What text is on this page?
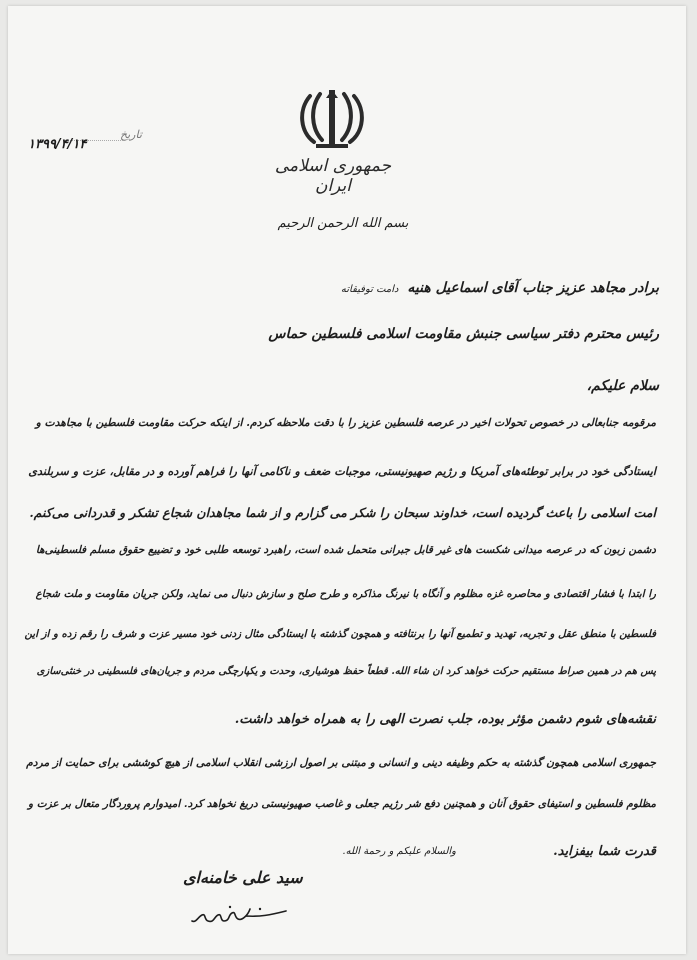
جمهوری اسلامی ایران
تاریخ
۱۳۹۹/۴/۱۴
بسم الله الرحمن الرحیم
برادر مجاهد عزیز جناب آقای اسماعیل هنیه دامت توفیقاته
رئیس محترم دفتر سیاسی جنبش مقاومت اسلامی فلسطین حماس
سلام علیکم،
مرقومه جنابعالی در خصوص تحولات اخیر در عرصه فلسطین عزیز را با دقت ملاحظه کردم. از اینکه حرکت مقاومت فلسطین با مجاهدت و
ایستادگی خود در برابر توطئه‌های آمریکا و رژیم صهیونیستی، موجبات ضعف و ناکامی آنها را فراهم آورده و در مقابل، عزت و سربلندی
امت اسلامی را باعث گردیده است، خداوند سبحان را شکر می گزارم و از شما مجاهدان شجاع تشکر و قدردانی می‌کنم.
دشمن زبون که در عرصه میدانی شکست های غیر قابل جبرانی متحمل شده است، راهبرد توسعه طلبی خود و تضییع حقوق مسلم فلسطینی‌ها
را ابتدا با فشار اقتصادی و محاصره غزه مظلوم و آنگاه با نیرنگ مذاکره و طرح صلح و سازش دنبال می نماید، ولکن جریان مقاومت و ملت شجاع
فلسطین با منطق عقل و تجربه، تهدید و تطمیع آنها را برنتافته و همچون گذشته با ایستادگی مثال زدنی خود مسیر عزت و شرف را رقم زده و از این
پس هم در همین صراط مستقیم حرکت خواهد کرد ان شاء الله. قطعاً حفظ هوشیاری، وحدت و یکپارچگی مردم و جریان‌های فلسطینی در خنثی‌سازی
نقشه‌های شوم دشمن مؤثر بوده، جلب نصرت الهی را به همراه خواهد داشت.
جمهوری اسلامی همچون گذشته به حکم وظیفه دینی و انسانی و مبتنی بر اصول ارزشی انقلاب اسلامی از هیچ کوششی برای حمایت از مردم
مظلوم فلسطین و استیفای حقوق آنان و همچنین دفع شر رژیم جعلی و غاصب صهیونیستی دریغ نخواهد کرد. امیدوارم پروردگار متعال بر عزت و
قدرت شما بیفزاید.
والسلام علیکم و رحمة الله.
سید علی خامنه‌ای
